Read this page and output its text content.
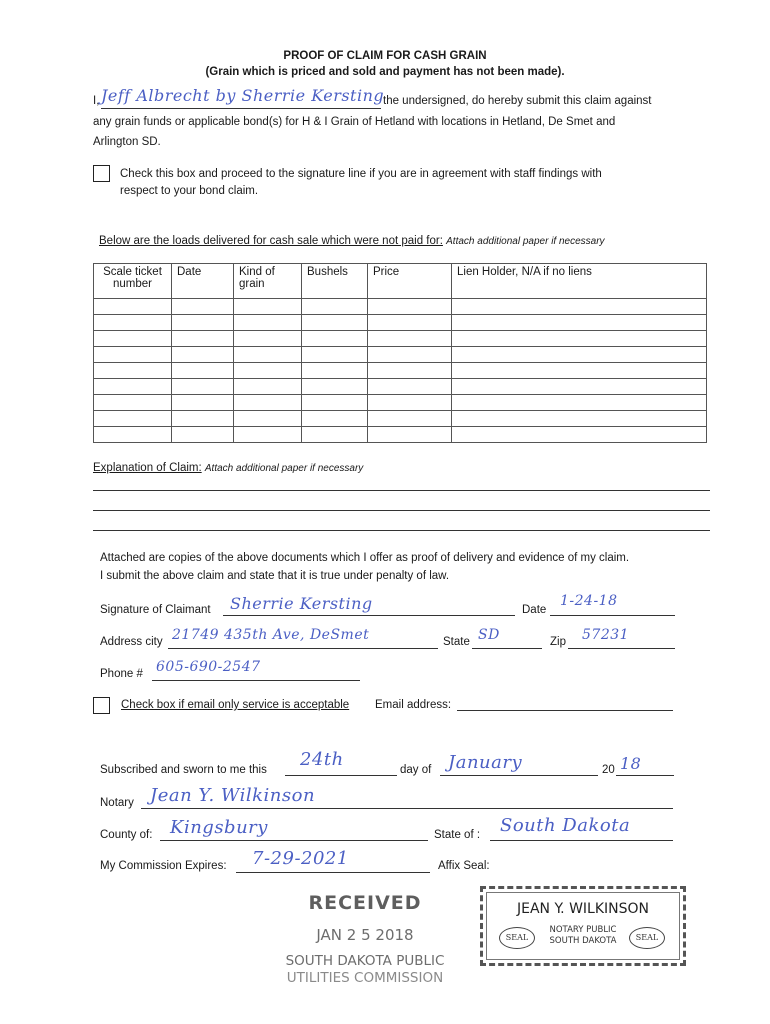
PROOF OF CLAIM FOR CASH GRAIN
(Grain which is priced and sold and payment has not been made).
I, Jeff Albrecht by Sherrie Kersting
the undersigned, do hereby submit this claim against
any grain funds or applicable bond(s) for H & I Grain of Hetland with locations in Hetland, De Smet and
Arlington SD.
Check this box and proceed to the signature line if you are in agreement with staff findings with
respect to your bond claim.
Below are the loads delivered for cash sale which were not paid for: Attach additional paper if necessary
Scale ticket number	Date	Kind of grain	Bushels	Price	Lien Holder, N/A if no liens

Explanation of Claim: Attach additional paper if necessary
Attached are copies of the above documents which I offer as proof of delivery and evidence of my claim.
I submit the above claim and state that it is true under penalty of law.
Signature of Claimant Sherrie Kersting	Date
1-24-18
Address city 21749 435th Ave, DeSmet	State SD	Zip 57231
Phone # 605-690-2547
Check box if email only service is acceptable Email address:
Subscribed and sworn to me this 24th	day of January	20 18
Notary Jean Y. Wilkinson
County of: Kingsbury	State of : South Dakota
My Commission Expires: 7-29-2021	Affix Seal:
RECEIVED
JAN 2 5 2018
SOUTH DAKOTA PUBLIC
UTILITIES COMMISSION
JEAN Y. WILKINSON
SEAL
NOTARY PUBLIC
SOUTH DAKOTA	SEAL
